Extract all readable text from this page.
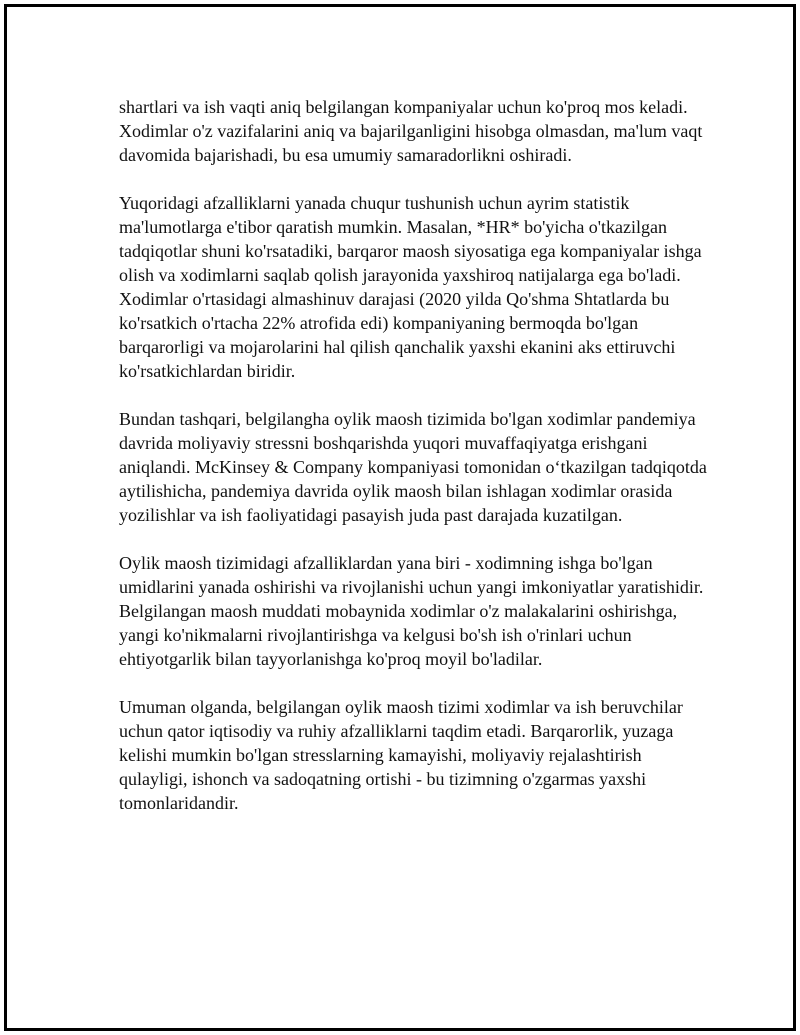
shartlari va ish vaqti aniq belgilangan kompaniyalar uchun ko'proq mos keladi. Xodimlar o'z vazifalarini aniq va bajarilganligini hisobga olmasdan, ma'lum vaqt davomida bajarishadi, bu esa umumiy samaradorlikni oshiradi.

Yuqoridagi afzalliklarni yanada chuqur tushunish uchun ayrim statistik ma'lumotlarga e'tibor qaratish mumkin. Masalan, *HR* bo'yicha o'tkazilgan tadqiqotlar shuni ko'rsatadiki, barqaror maosh siyosatiga ega kompaniyalar ishga olish va xodimlarni saqlab qolish jarayonida yaxshiroq natijalarga ega bo'ladi. Xodimlar o'rtasidagi almashinuv darajasi (2020 yilda Qo'shma Shtatlarda bu ko'rsatkich o'rtacha 22% atrofida edi) kompaniyaning bermoqda bo'lgan barqarorligi va mojarolarini hal qilish qanchalik yaxshi ekanini aks ettiruvchi ko'rsatkichlardan biridir.

Bundan tashqari, belgilangha oylik maosh tizimida bo'lgan xodimlar pandemiya davrida moliyaviy stressni boshqarishda yuqori muvaffaqiyatga erishgani aniqlandi. McKinsey & Company kompaniyasi tomonidan o‘tkazilgan tadqiqotda aytilishicha, pandemiya davrida oylik maosh bilan ishlagan xodimlar orasida yozilishlar va ish faoliyatidagi pasayish juda past darajada kuzatilgan.

Oylik maosh tizimidagi afzalliklardan yana biri - xodimning ishga bo'lgan umidlarini yanada oshirishi va rivojlanishi uchun yangi imkoniyatlar yaratishidir. Belgilangan maosh muddati mobaynida xodimlar o'z malakalarini oshirishga, yangi ko'nikmalarni rivojlantirishga va kelgusi bo'sh ish o'rinlari uchun ehtiyotgarlik bilan tayyorlanishga ko'proq moyil bo'ladilar.

Umuman olganda, belgilangan oylik maosh tizimi xodimlar va ish beruvchilar uchun qator iqtisodiy va ruhiy afzalliklarni taqdim etadi. Barqarorlik, yuzaga kelishi mumkin bo'lgan stresslarning kamayishi, moliyaviy rejalashtirish qulayligi, ishonch va sadoqatning ortishi - bu tizimning o'zgarmas yaxshi tomonlaridandir.
